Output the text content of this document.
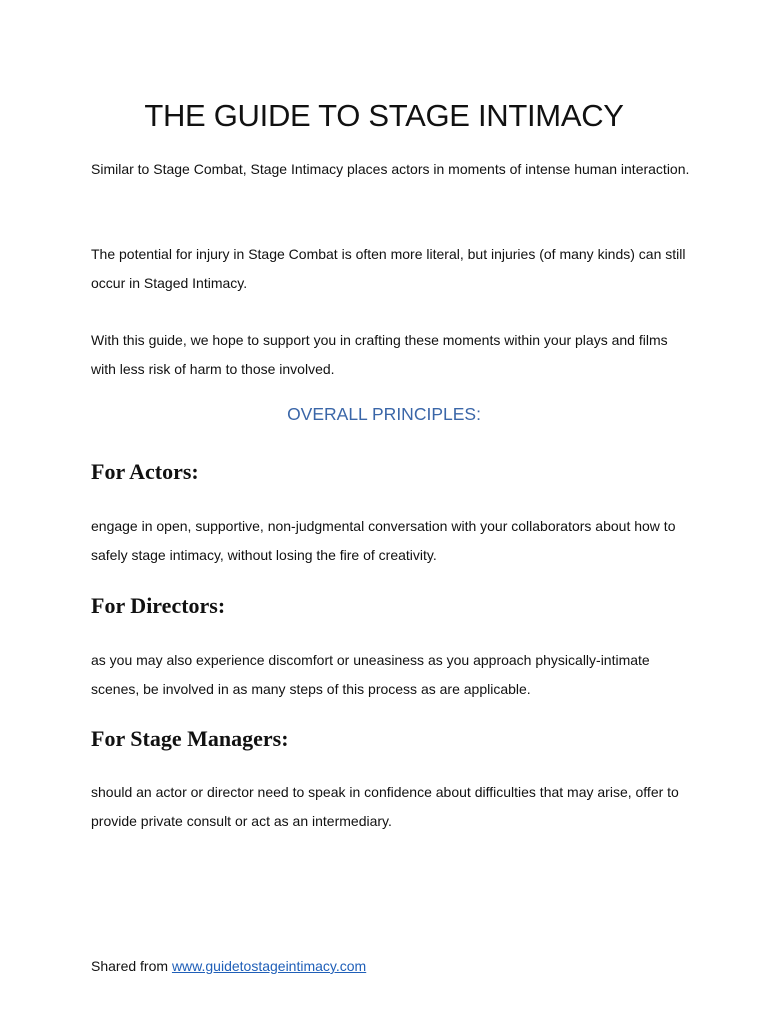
THE GUIDE TO STAGE INTIMACY

Similar to Stage Combat, Stage Intimacy places actors in moments of intense human interaction.

The potential for injury in Stage Combat is often more literal, but injuries (of many kinds) can still occur in Staged Intimacy.

With this guide, we hope to support you in crafting these moments within your plays and films with less risk of harm to those involved.

OVERALL PRINCIPLES:
For Actors:

engage in open, supportive, non-judgmental conversation with your collaborators about how to safely stage intimacy, without losing the fire of creativity.

For Directors:

as you may also experience discomfort or uneasiness as you approach physically-intimate scenes, be involved in as many steps of this process as are applicable.

For Stage Managers:

should an actor or director need to speak in confidence about difficulties that may arise, offer to provide private consult or act as an intermediary.

Shared from www.guidetostageintimacy.com
